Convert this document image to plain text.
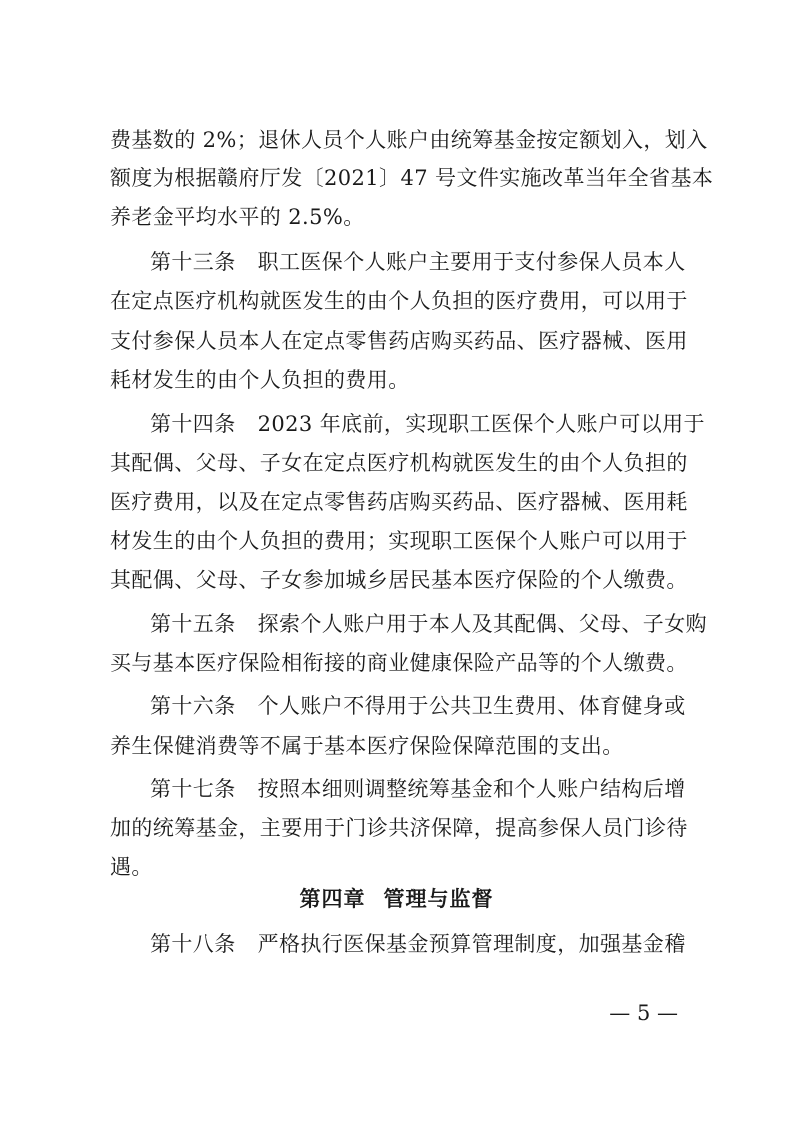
费基数的 2%；退休人员个人账户由统筹基金按定额划入，划入
额度为根据赣府厅发〔2021〕47 号文件实施改革当年全省基本
养老金平均水平的 2.5%。
第十三条 职工医保个人账户主要用于支付参保人员本人
在定点医疗机构就医发生的由个人负担的医疗费用，可以用于
支付参保人员本人在定点零售药店购买药品、医疗器械、医用
耗材发生的由个人负担的费用。
第十四条 2023 年底前，实现职工医保个人账户可以用于
其配偶、父母、子女在定点医疗机构就医发生的由个人负担的
医疗费用，以及在定点零售药店购买药品、医疗器械、医用耗
材发生的由个人负担的费用；实现职工医保个人账户可以用于
其配偶、父母、子女参加城乡居民基本医疗保险的个人缴费。
第十五条 探索个人账户用于本人及其配偶、父母、子女购
买与基本医疗保险相衔接的商业健康保险产品等的个人缴费。
第十六条 个人账户不得用于公共卫生费用、体育健身或
养生保健消费等不属于基本医疗保险保障范围的支出。
第十七条 按照本细则调整统筹基金和个人账户结构后增
加的统筹基金，主要用于门诊共济保障，提高参保人员门诊待
遇。
第四章 管理与监督
第十八条 严格执行医保基金预算管理制度，加强基金稽
— 5 —
